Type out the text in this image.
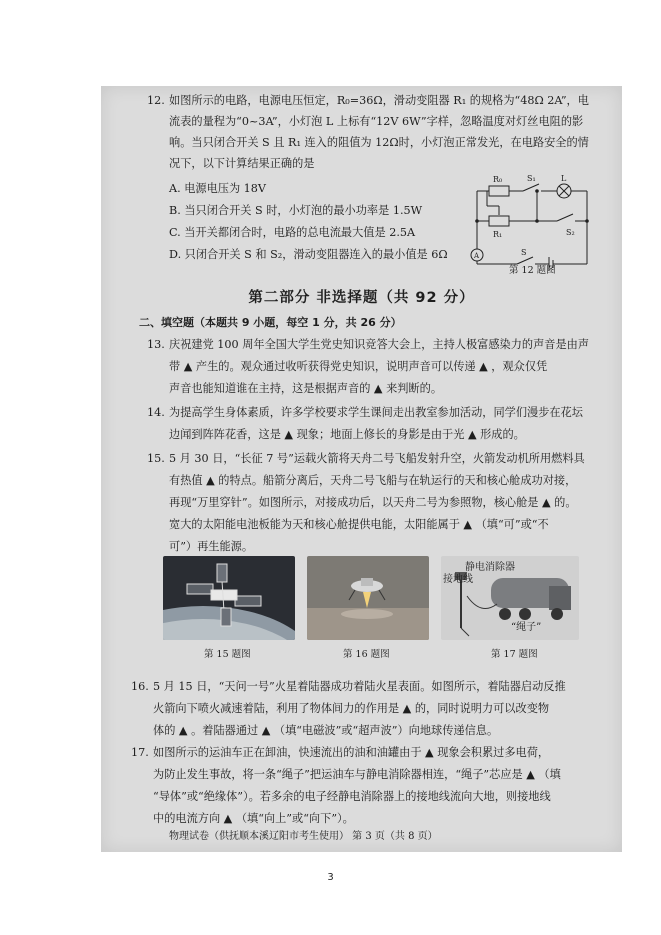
12. 如图所示的电路，电源电压恒定，R₀=36Ω，滑动变阻器 R₁ 的规格为“48Ω 2A”，电
流表的量程为“0~3A”，小灯泡 L 上标有“12V 6W”字样，忽略温度对灯丝电阻的影
响。当只闭合开关 S 且 R₁ 连入的阻值为 12Ω时，小灯泡正常发光，在电路安全的情
况下，以下计算结果正确的是
A. 电源电压为 18V
B. 当只闭合开关 S 时，小灯泡的最小功率是 1.5W
C. 当开关都闭合时，电路的总电流最大值是 2.5A
D. 只闭合开关 S 和 S₂，滑动变阻器连入的最小值是 6Ω
R₀	S₁	L
R₁	S₂
A	S
第 12 题图
第二部分 非选择题（共 92 分）
二、填空题（本题共 9 小题，每空 1 分，共 26 分）
13. 庆祝建党 100 周年全国大学生党史知识竞答大会上，主持人极富感染力的声音是由声
带 ▲ 产生的。观众通过收听获得党史知识，说明声音可以传递 ▲ ，观众仅凭
声音也能知道谁在主持，这是根据声音的 ▲ 来判断的。
14. 为提高学生身体素质，许多学校要求学生课间走出教室参加活动，同学们漫步在花坛
边闻到阵阵花香，这是 ▲ 现象；地面上修长的身影是由于光 ▲ 形成的。
15. 5 月 30 日，“长征 7 号”运载火箭将天舟二号飞船发射升空，火箭发动机所用燃料具
有热值 ▲ 的特点。船箭分离后，天舟二号飞船与在轨运行的天和核心舱成功对接，
再现“万里穿针”。如图所示，对接成功后，以天舟二号为参照物，核心舱是 ▲ 的。
宽大的太阳能电池板能为天和核心舱提供电能，太阳能属于 ▲ （填“可”或“不
可”）再生能源。
静电消除器
接地线
“绳子”
第 15 题图	第 16 题图	第 17 题图
16. 5 月 15 日，“天问一号”火星着陆器成功着陆火星表面。如图所示，着陆器启动反推
火箭向下喷火减速着陆，利用了物体间力的作用是 ▲ 的，同时说明力可以改变物
体的 ▲ 。着陆器通过 ▲ （填“电磁波”或“超声波”）向地球传递信息。
17. 如图所示的运油车正在卸油，快速流出的油和油罐由于 ▲ 现象会积累过多电荷，
为防止发生事故，将一条“绳子”把运油车与静电消除器相连，“绳子”芯应是 ▲ （填
“导体”或“绝缘体”）。若多余的电子经静电消除器上的接地线流向大地，则接地线
中的电流方向 ▲ （填“向上”或“向下”）。
物理试卷（供抚顺本溪辽阳市考生使用） 第 3 页（共 8 页）
3
